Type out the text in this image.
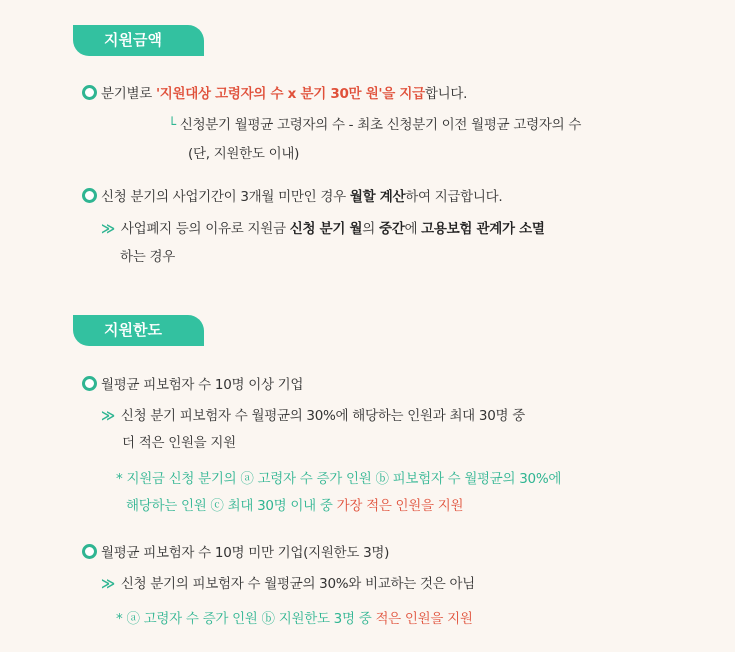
지원금액
분기별로 '지원대상 고령자의 수 x 분기 30만 원'을 지급합니다.
└ 신청분기 월평균 고령자의 수 - 최초 신청분기 이전 월평균 고령자의 수
(단, 지원한도 이내)
신청 분기의 사업기간이 3개월 미만인 경우 월할 계산하여 지급합니다.
≫ 사업폐지 등의 이유로 지원금 신청 분기 월의 중간에 고용보험 관계가 소멸
하는 경우
지원한도
월평균 피보험자 수 10명 이상 기업
≫ 신청 분기 피보험자 수 월평균의 30%에 해당하는 인원과 최대 30명 중
더 적은 인원을 지원
* 지원금 신청 분기의 ⓐ 고령자 수 증가 인원 ⓑ 피보험자 수 월평균의 30%에
해당하는 인원 ⓒ 최대 30명 이내 중 가장 적은 인원을 지원
월평균 피보험자 수 10명 미만 기업(지원한도 3명)
≫ 신청 분기의 피보험자 수 월평균의 30%와 비교하는 것은 아님
* ⓐ 고령자 수 증가 인원 ⓑ 지원한도 3명 중 적은 인원을 지원
